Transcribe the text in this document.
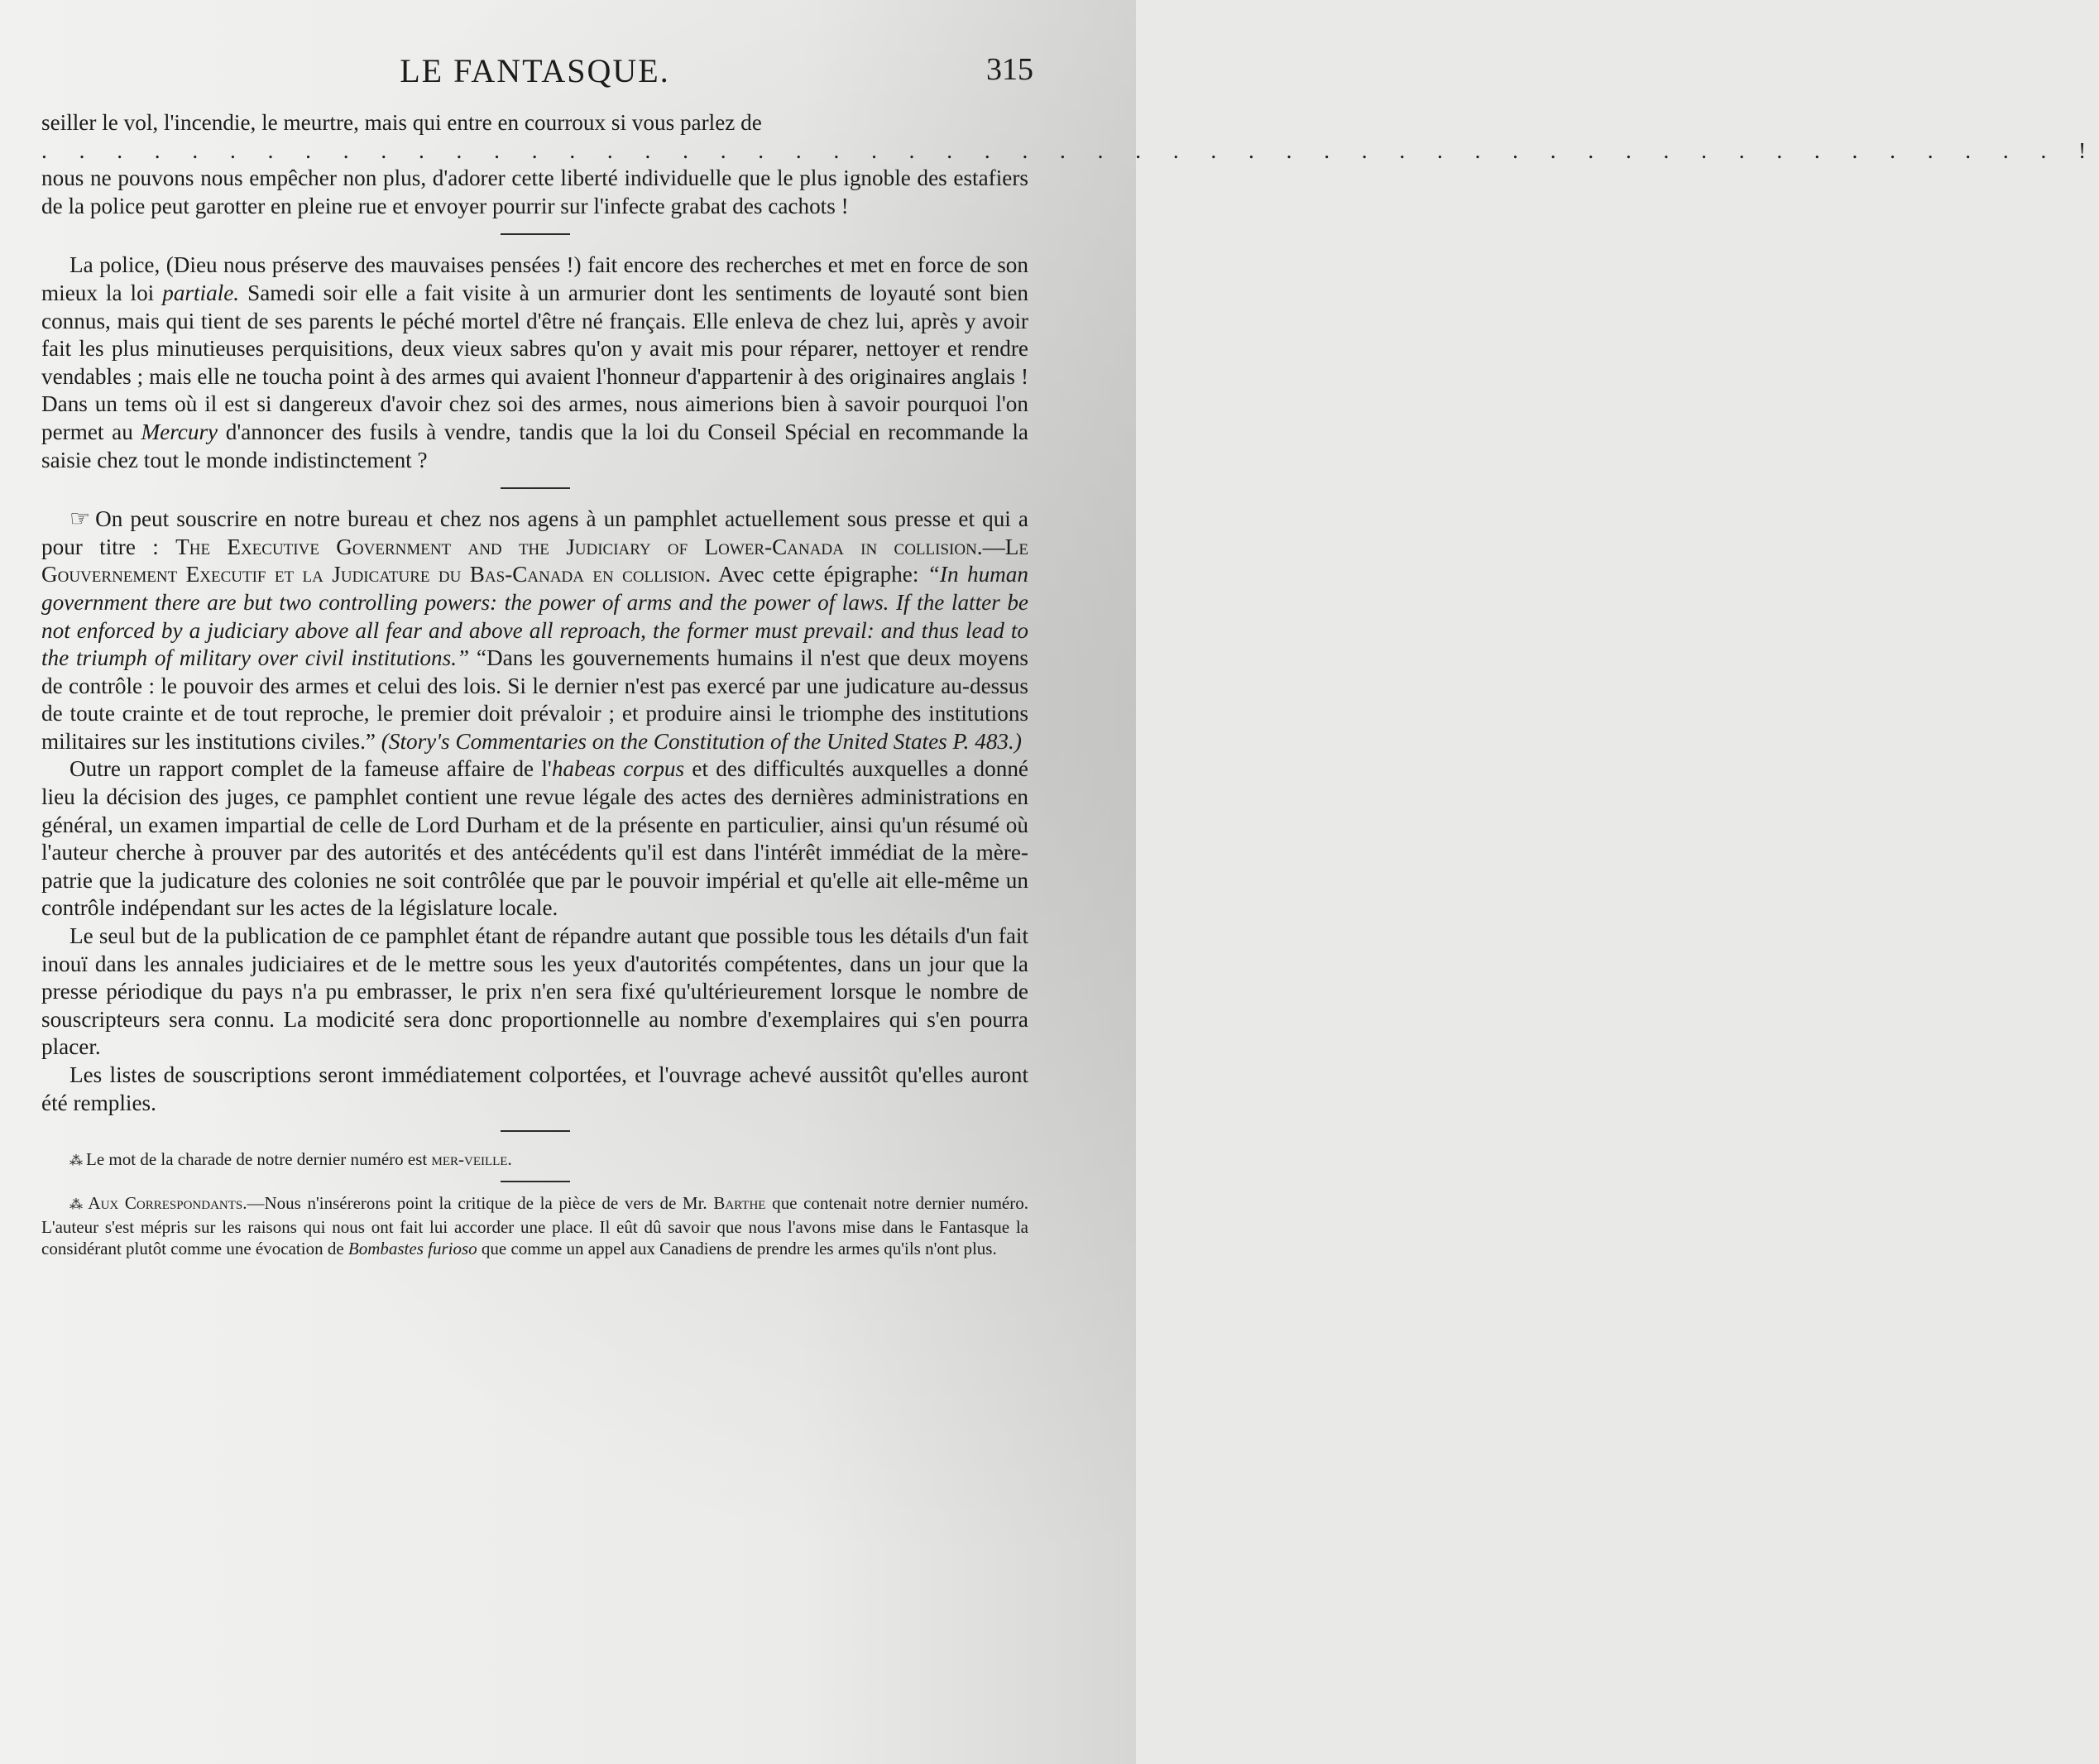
LE FANTASQUE.	315

seiller le vol, l'incendie, le meurtre, mais qui entre en courroux si vous parlez de

. . . . . . . . . . . . . . . . . . . . . . . . . . . . . . . . . . . . . . . . . . . . . . . . . . . . . . !

nous ne pouvons nous empêcher non plus, d'adorer cette liberté individuelle que le plus ignoble des estafiers de la police peut garotter en pleine rue et envoyer pourrir sur l'infecte grabat des cachots !

La police, (Dieu nous préserve des mauvaises pensées !) fait encore des recherches et met en force de son mieux la loi partiale. Samedi soir elle a fait visite à un armurier dont les sentiments de loyauté sont bien connus, mais qui tient de ses parents le péché mortel d'être né français. Elle enleva de chez lui, après y avoir fait les plus minutieuses perquisitions, deux vieux sabres qu'on y avait mis pour réparer, nettoyer et rendre vendables ; mais elle ne toucha point à des armes qui avaient l'honneur d'appartenir à des originaires anglais ! Dans un tems où il est si dangereux d'avoir chez soi des armes, nous aimerions bien à savoir pourquoi l'on permet au Mercury d'annoncer des fusils à vendre, tandis que la loi du Conseil Spécial en recommande la saisie chez tout le monde indistinctement ?

☞ On peut souscrire en notre bureau et chez nos agens à un pamphlet actuellement sous presse et qui a pour titre : The Executive Government and the Judiciary of Lower-Canada in collision.—Le Gouvernement Executif et la Judicature du Bas-Canada en collision. Avec cette épigraphe: “In human government there are but two controlling powers: the power of arms and the power of laws. If the latter be not enforced by a judiciary above all fear and above all reproach, the former must prevail: and thus lead to the triumph of military over civil institutions.” “Dans les gouvernements humains il n'est que deux moyens de contrôle : le pouvoir des armes et celui des lois. Si le dernier n'est pas exercé par une judicature au-dessus de toute crainte et de tout reproche, le premier doit prévaloir ; et produire ainsi le triomphe des institutions militaires sur les institutions civiles.” (Story's Commentaries on the Constitution of the United States P. 483.)

Outre un rapport complet de la fameuse affaire de l'habeas corpus et des difficultés auxquelles a donné lieu la décision des juges, ce pamphlet contient une revue légale des actes des dernières administrations en général, un examen impartial de celle de Lord Durham et de la présente en particulier, ainsi qu'un résumé où l'auteur cherche à prouver par des autorités et des antécédents qu'il est dans l'intérêt immédiat de la mère-patrie que la judicature des colonies ne soit contrôlée que par le pouvoir impérial et qu'elle ait elle-même un contrôle indépendant sur les actes de la législature locale.

Le seul but de la publication de ce pamphlet étant de répandre autant que possible tous les détails d'un fait inouï dans les annales judiciaires et de le mettre sous les yeux d'autorités compétentes, dans un jour que la presse périodique du pays n'a pu embrasser, le prix n'en sera fixé qu'ultérieurement lorsque le nombre de souscripteurs sera connu. La modicité sera donc proportionnelle au nombre d'exemplaires qui s'en pourra placer.

Les listes de souscriptions seront immédiatement colportées, et l'ouvrage achevé aussitôt qu'elles auront été remplies.

⁂ Le mot de la charade de notre dernier numéro est mer-veille.

⁂ Aux Correspondants.—Nous n'insérerons point la critique de la pièce de vers de Mr. Barthe que contenait notre dernier numéro. L'auteur s'est mépris sur les raisons qui nous ont fait lui accorder une place. Il eût dû savoir que nous l'avons mise dans le Fantasque la considérant plutôt comme une évocation de Bombastes furioso que comme un appel aux Canadiens de prendre les armes qu'ils n'ont plus.
